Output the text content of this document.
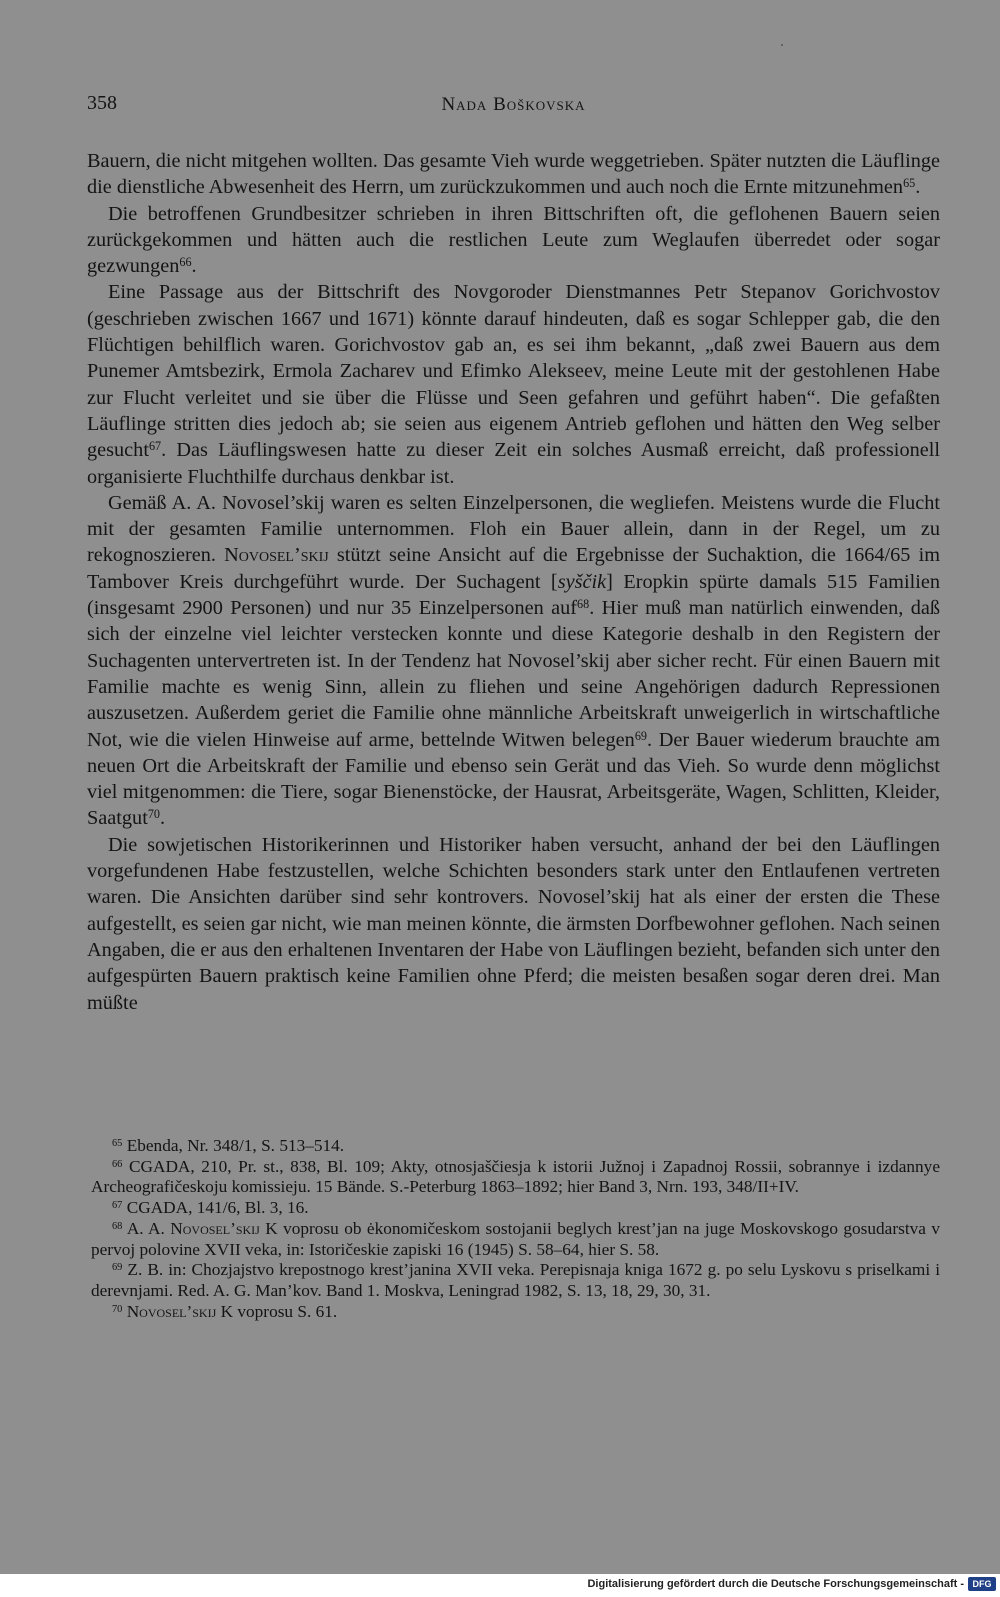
358	Nada Boškovska

Bauern, die nicht mitgehen wollten. Das gesamte Vieh wurde weggetrieben. Später nutzten die Läuflinge die dienstliche Abwesenheit des Herrn, um zurückzukommen und auch noch die Ernte mitzunehmen$^{65}$.

Die betroffenen Grundbesitzer schrieben in ihren Bittschriften oft, die geflohenen Bauern seien zurückgekommen und hätten auch die restlichen Leute zum Weglaufen überredet oder sogar gezwungen$^{66}$.

Eine Passage aus der Bittschrift des Novgoroder Dienstmannes Petr Stepanov Gorichvostov (geschrieben zwischen 1667 und 1671) könnte darauf hindeuten, daß es sogar Schlepper gab, die den Flüchtigen behilflich waren. Gorichvostov gab an, es sei ihm bekannt, „daß zwei Bauern aus dem Punemer Amtsbezirk, Ermola Zacharev und Efimko Alekseev, meine Leute mit der gestohlenen Habe zur Flucht verleitet und sie über die Flüsse und Seen gefahren und geführt haben“. Die gefaßten Läuflinge stritten dies jedoch ab; sie seien aus eigenem Antrieb geflohen und hätten den Weg selber gesucht$^{67}$. Das Läuflingswesen hatte zu dieser Zeit ein solches Ausmaß erreicht, daß professionell organisierte Fluchthilfe durchaus denkbar ist.

Gemäß A. A. Novosel’skij waren es selten Einzelpersonen, die wegliefen. Meistens wurde die Flucht mit der gesamten Familie unternommen. Floh ein Bauer allein, dann in der Regel, um zu rekognoszieren. Novosel’skij stützt seine Ansicht auf die Ergebnisse der Suchaktion, die 1664/65 im Tambover Kreis durchgeführt wurde. Der Suchagent [syščik] Eropkin spürte damals 515 Familien (insgesamt 2900 Personen) und nur 35 Einzelpersonen auf$^{68}$. Hier muß man natürlich einwenden, daß sich der einzelne viel leichter verstecken konnte und diese Kategorie deshalb in den Registern der Suchagenten untervertreten ist. In der Tendenz hat Novosel’skij aber sicher recht. Für einen Bauern mit Familie machte es wenig Sinn, allein zu fliehen und seine Angehörigen dadurch Repressionen auszusetzen. Außerdem geriet die Familie ohne männliche Arbeitskraft unweigerlich in wirtschaftliche Not, wie die vielen Hinweise auf arme, bettelnde Witwen belegen$^{69}$. Der Bauer wiederum brauchte am neuen Ort die Arbeitskraft der Familie und ebenso sein Gerät und das Vieh. So wurde denn möglichst viel mitgenommen: die Tiere, sogar Bienenstöcke, der Hausrat, Arbeitsgeräte, Wagen, Schlitten, Kleider, Saatgut$^{70}$.

Die sowjetischen Historikerinnen und Historiker haben versucht, anhand der bei den Läuflingen vorgefundenen Habe festzustellen, welche Schichten besonders stark unter den Entlaufenen vertreten waren. Die Ansichten darüber sind sehr kontrovers. Novosel’skij hat als einer der ersten die These aufgestellt, es seien gar nicht, wie man meinen könnte, die ärmsten Dorfbewohner geflohen. Nach seinen Angaben, die er aus den erhaltenen Inventaren der Habe von Läuflingen bezieht, befanden sich unter den aufgespürten Bauern praktisch keine Familien ohne Pferd; die meisten besaßen sogar deren drei. Man müßte

$^{65}$ Ebenda, Nr. 348/1, S. 513–514.

$^{66}$ CGADA, 210, Pr. st., 838, Bl. 109; Akty, otnosjaščiesja k istorii Južnoj i Zapadnoj Rossii, sobrannye i izdannye Archeografičeskoju komissieju. 15 Bände. S.-Peterburg 1863–1892; hier Band 3, Nrn. 193, 348/II+IV.

$^{67}$ CGADA, 141/6, Bl. 3, 16.

$^{68}$ A. A. Novosel’skij K voprosu ob ėkonomičeskom sostojanii beglych krest’jan na juge Moskovskogo gosudarstva v pervoj polovine XVII veka, in: Istoričeskie zapiski 16 (1945) S. 58–64, hier S. 58.

$^{69}$ Z. B. in: Chozjajstvo krepostnogo krest’janina XVII veka. Perepisnaja kniga 1672 g. po selu Lyskovu s priselkami i derevnjami. Red. A. G. Man’kov. Band 1. Moskva, Leningrad 1982, S. 13, 18, 29, 30, 31.

$^{70}$ Novosel’skij K voprosu S. 61.

Digitalisierung gefördert durch die Deutsche Forschungsgemeinschaft - DFG
